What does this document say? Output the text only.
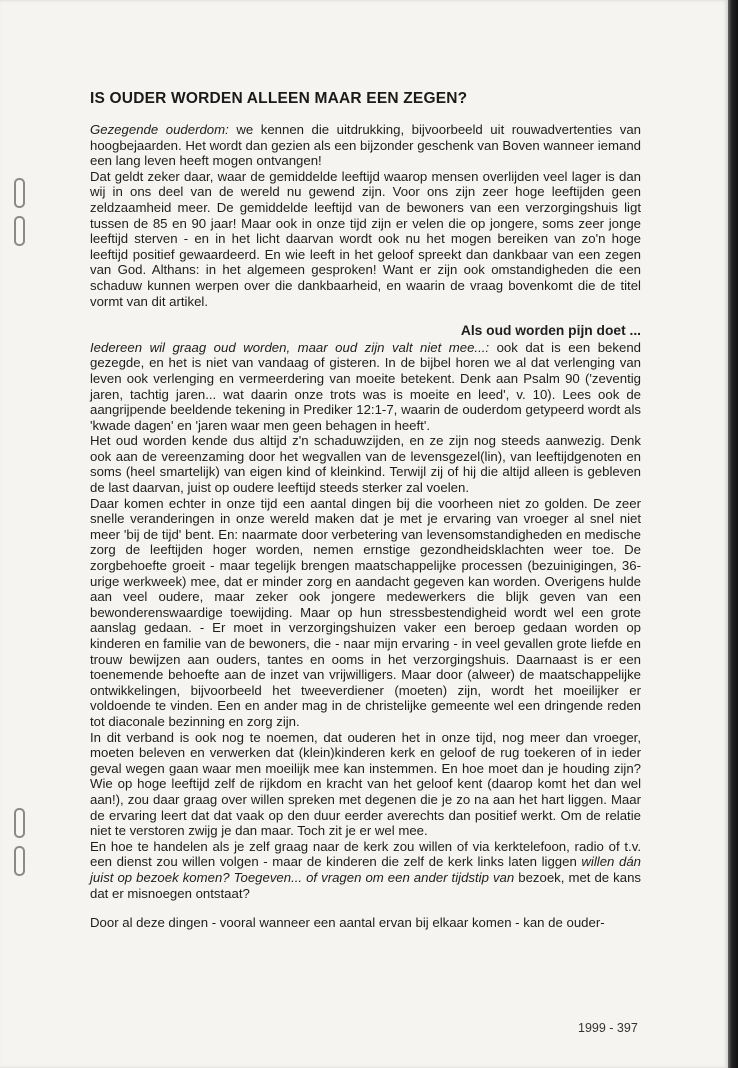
IS OUDER WORDEN ALLEEN MAAR EEN ZEGEN?

Gezegende ouderdom: we kennen die uitdrukking, bijvoorbeeld uit rouwadvertenties van hoogbejaarden. Het wordt dan gezien als een bijzonder geschenk van Boven wanneer iemand een lang leven heeft mogen ontvangen!

Dat geldt zeker daar, waar de gemiddelde leeftijd waarop mensen overlijden veel lager is dan wij in ons deel van de wereld nu gewend zijn. Voor ons zijn zeer hoge leeftijden geen zeldzaamheid meer. De gemiddelde leeftijd van de bewoners van een verzorgingshuis ligt tussen de 85 en 90 jaar! Maar ook in onze tijd zijn er velen die op jongere, soms zeer jonge leeftijd sterven - en in het licht daarvan wordt ook nu het mogen bereiken van zo'n hoge leeftijd positief gewaardeerd. En wie leeft in het geloof spreekt dan dankbaar van een zegen van God. Althans: in het algemeen gesproken! Want er zijn ook omstandigheden die een schaduw kunnen werpen over die dankbaarheid, en waarin de vraag bovenkomt die de titel vormt van dit artikel.

Als oud worden pijn doet ...

Iedereen wil graag oud worden, maar oud zijn valt niet mee...: ook dat is een bekend gezegde, en het is niet van vandaag of gisteren. In de bijbel horen we al dat verlenging van leven ook verlenging en vermeerdering van moeite betekent. Denk aan Psalm 90 ('zeventig jaren, tachtig jaren... wat daarin onze trots was is moeite en leed', v. 10). Lees ook de aangrijpende beeldende tekening in Prediker 12:1-7, waarin de ouderdom getypeerd wordt als 'kwade dagen' en 'jaren waar men geen behagen in heeft'.

Het oud worden kende dus altijd z'n schaduwzijden, en ze zijn nog steeds aanwezig. Denk ook aan de vereenzaming door het wegvallen van de levensgezel(lin), van leeftijdgenoten en soms (heel smartelijk) van eigen kind of kleinkind. Terwijl zij of hij die altijd alleen is gebleven de last daarvan, juist op oudere leeftijd steeds sterker zal voelen.

Daar komen echter in onze tijd een aantal dingen bij die voorheen niet zo golden. De zeer snelle veranderingen in onze wereld maken dat je met je ervaring van vroeger al snel niet meer 'bij de tijd' bent. En: naarmate door verbetering van levensomstandigheden en medische zorg de leeftijden hoger worden, nemen ernstige gezondheidsklachten weer toe. De zorgbehoefte groeit - maar tegelijk brengen maatschappelijke processen (bezuinigingen, 36-urige werkweek) mee, dat er minder zorg en aandacht gegeven kan worden. Overigens hulde aan veel oudere, maar zeker ook jongere medewerkers die blijk geven van een bewonderenswaardige toewijding. Maar op hun stressbestendigheid wordt wel een grote aanslag gedaan. - Er moet in verzorgingshuizen vaker een beroep gedaan worden op kinderen en familie van de bewoners, die - naar mijn ervaring - in veel gevallen grote liefde en trouw bewijzen aan ouders, tantes en ooms in het verzorgingshuis. Daarnaast is er een toenemende behoefte aan de inzet van vrijwilligers. Maar door (alweer) de maatschappelijke ontwikkelingen, bijvoorbeeld het tweeverdiener (moeten) zijn, wordt het moeilijker er voldoende te vinden. Een en ander mag in de christelijke gemeente wel een dringende reden tot diaconale bezinning en zorg zijn.

In dit verband is ook nog te noemen, dat ouderen het in onze tijd, nog meer dan vroeger, moeten beleven en verwerken dat (klein)kinderen kerk en geloof de rug toekeren of in ieder geval wegen gaan waar men moeilijk mee kan instemmen. En hoe moet dan je houding zijn? Wie op hoge leeftijd zelf de rijkdom en kracht van het geloof kent (daarop komt het dan wel aan!), zou daar graag over willen spreken met degenen die je zo na aan het hart liggen. Maar de ervaring leert dat dat vaak op den duur eerder averechts dan positief werkt. Om de relatie niet te verstoren zwijg je dan maar. Toch zit je er wel mee.

En hoe te handelen als je zelf graag naar de kerk zou willen of via kerktelefoon, radio of t.v. een dienst zou willen volgen - maar de kinderen die zelf de kerk links laten liggen willen dán juist op bezoek komen? Toegeven... of vragen om een ander tijdstip van bezoek, met de kans dat er misnoegen ontstaat?

Door al deze dingen - vooral wanneer een aantal ervan bij elkaar komen - kan de ouder-

1999 - 397
